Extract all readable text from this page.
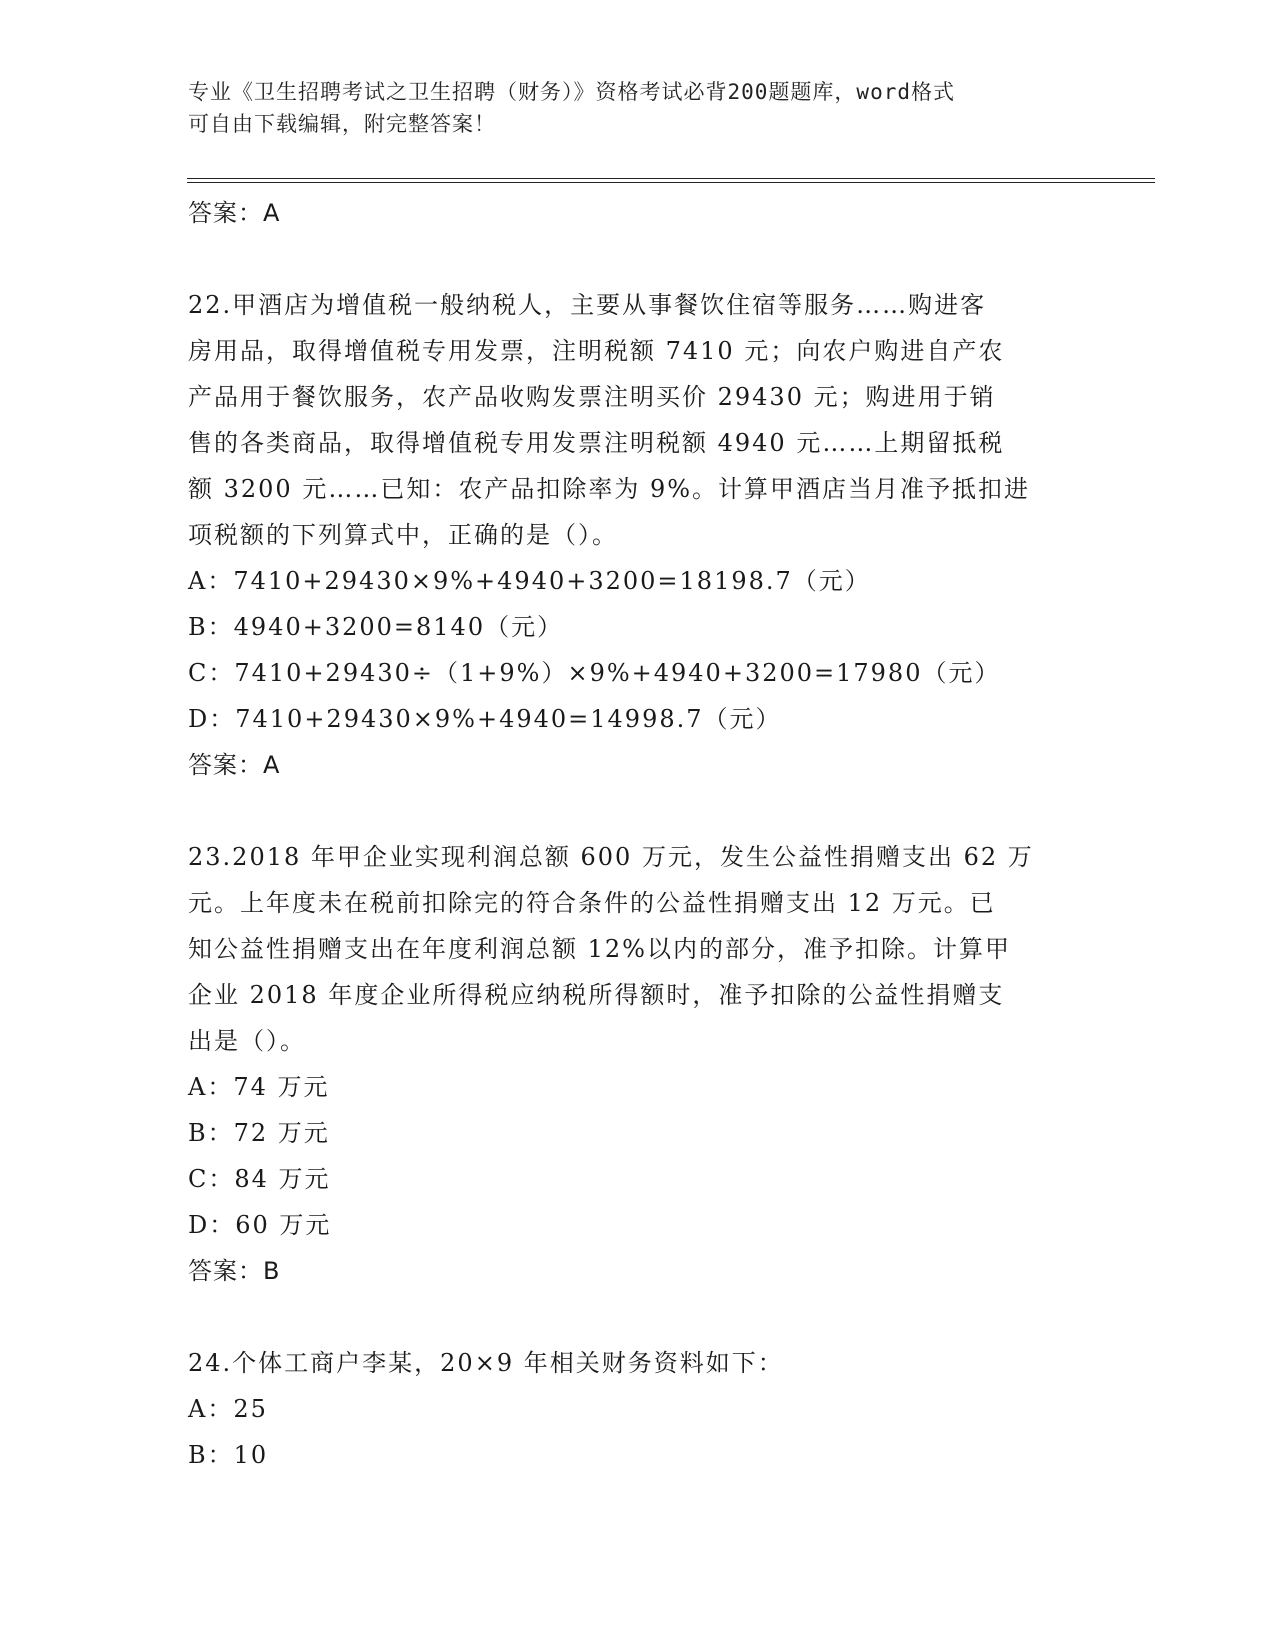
专业《卫生招聘考试之卫生招聘（财务）》资格考试必背200题题库，word格式
可自由下载编辑，附完整答案！
答案：A
22.甲酒店为增值税一般纳税人，主要从事餐饮住宿等服务……购进客
房用品，取得增值税专用发票，注明税额 7410 元；向农户购进自产农
产品用于餐饮服务，农产品收购发票注明买价 29430 元；购进用于销
售的各类商品，取得增值税专用发票注明税额 4940 元……上期留抵税
额 3200 元……已知：农产品扣除率为 9%。计算甲酒店当月准予抵扣进
项税额的下列算式中，正确的是（）。
A：7410+29430×9%+4940+3200=18198.7（元）
B：4940+3200=8140（元）
C：7410+29430÷（1+9%）×9%+4940+3200=17980（元）
D：7410+29430×9%+4940=14998.7（元）
答案：A
23.2018 年甲企业实现利润总额 600 万元，发生公益性捐赠支出 62 万
元。上年度未在税前扣除完的符合条件的公益性捐赠支出 12 万元。已
知公益性捐赠支出在年度利润总额 12%以内的部分，准予扣除。计算甲
企业 2018 年度企业所得税应纳税所得额时，准予扣除的公益性捐赠支
出是（）。
A：74 万元
B：72 万元
C：84 万元
D：60 万元
答案：B
24.个体工商户李某，20×9 年相关财务资料如下：
A：25
B：10
